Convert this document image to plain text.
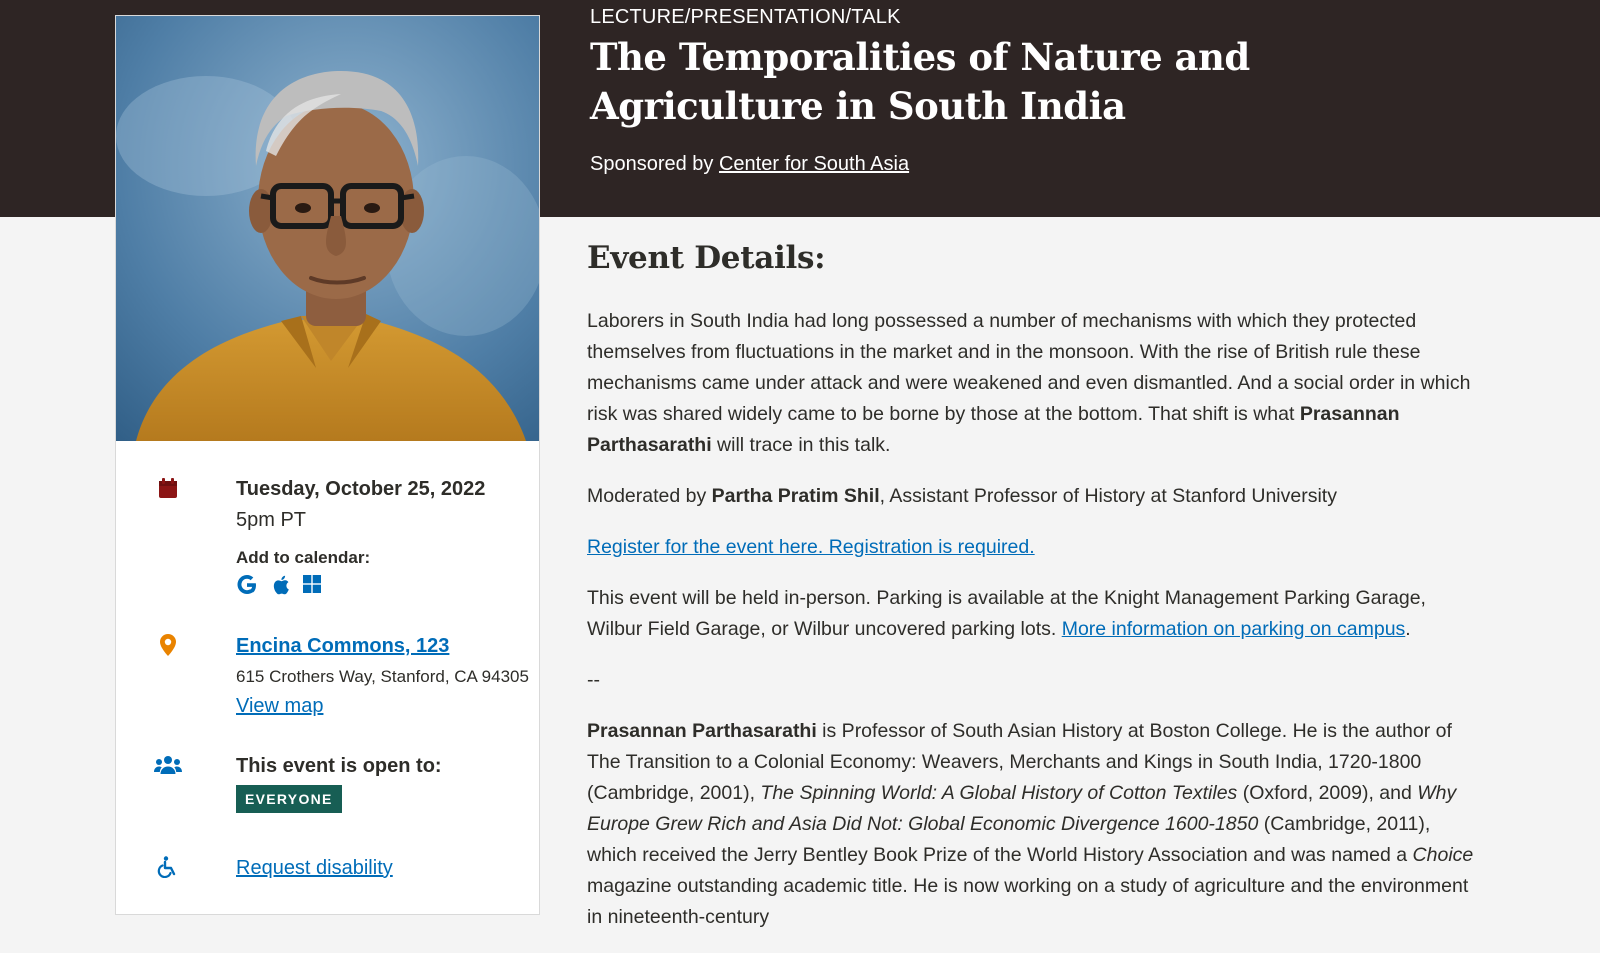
LECTURE/PRESENTATION/TALK

The Temporalities of Nature and Agriculture in South India
Sponsored by Center for South Asia
Tuesday, October 25, 2022
5pm PT
Add to calendar:
Encina Commons, 123
615 Crothers Way, Stanford, CA 94305
View map
This event is open to:
EVERYONE
Request disability
Event Details:

Laborers in South India had long possessed a number of mechanisms with which they protected themselves from fluctuations in the market and in the monsoon. With the rise of British rule these mechanisms came under attack and were weakened and even dismantled. And a social order in which risk was shared widely came to be borne by those at the bottom. That shift is what Prasannan Parthasarathi will trace in this talk.

Moderated by Partha Pratim Shil, Assistant Professor of History at Stanford University

Register for the event here. Registration is required.

This event will be held in-person. Parking is available at the Knight Management Parking Garage, Wilbur Field Garage, or Wilbur uncovered parking lots. More information on parking on campus.

--

Prasannan Parthasarathi is Professor of South Asian History at Boston College. He is the author of The Transition to a Colonial Economy: Weavers, Merchants and Kings in South India, 1720-1800 (Cambridge, 2001), The Spinning World: A Global History of Cotton Textiles (Oxford, 2009), and Why Europe Grew Rich and Asia Did Not: Global Economic Divergence 1600-1850 (Cambridge, 2011), which received the Jerry Bentley Book Prize of the World History Association and was named a Choice magazine outstanding academic title. He is now working on a study of agriculture and the environment in nineteenth-century
